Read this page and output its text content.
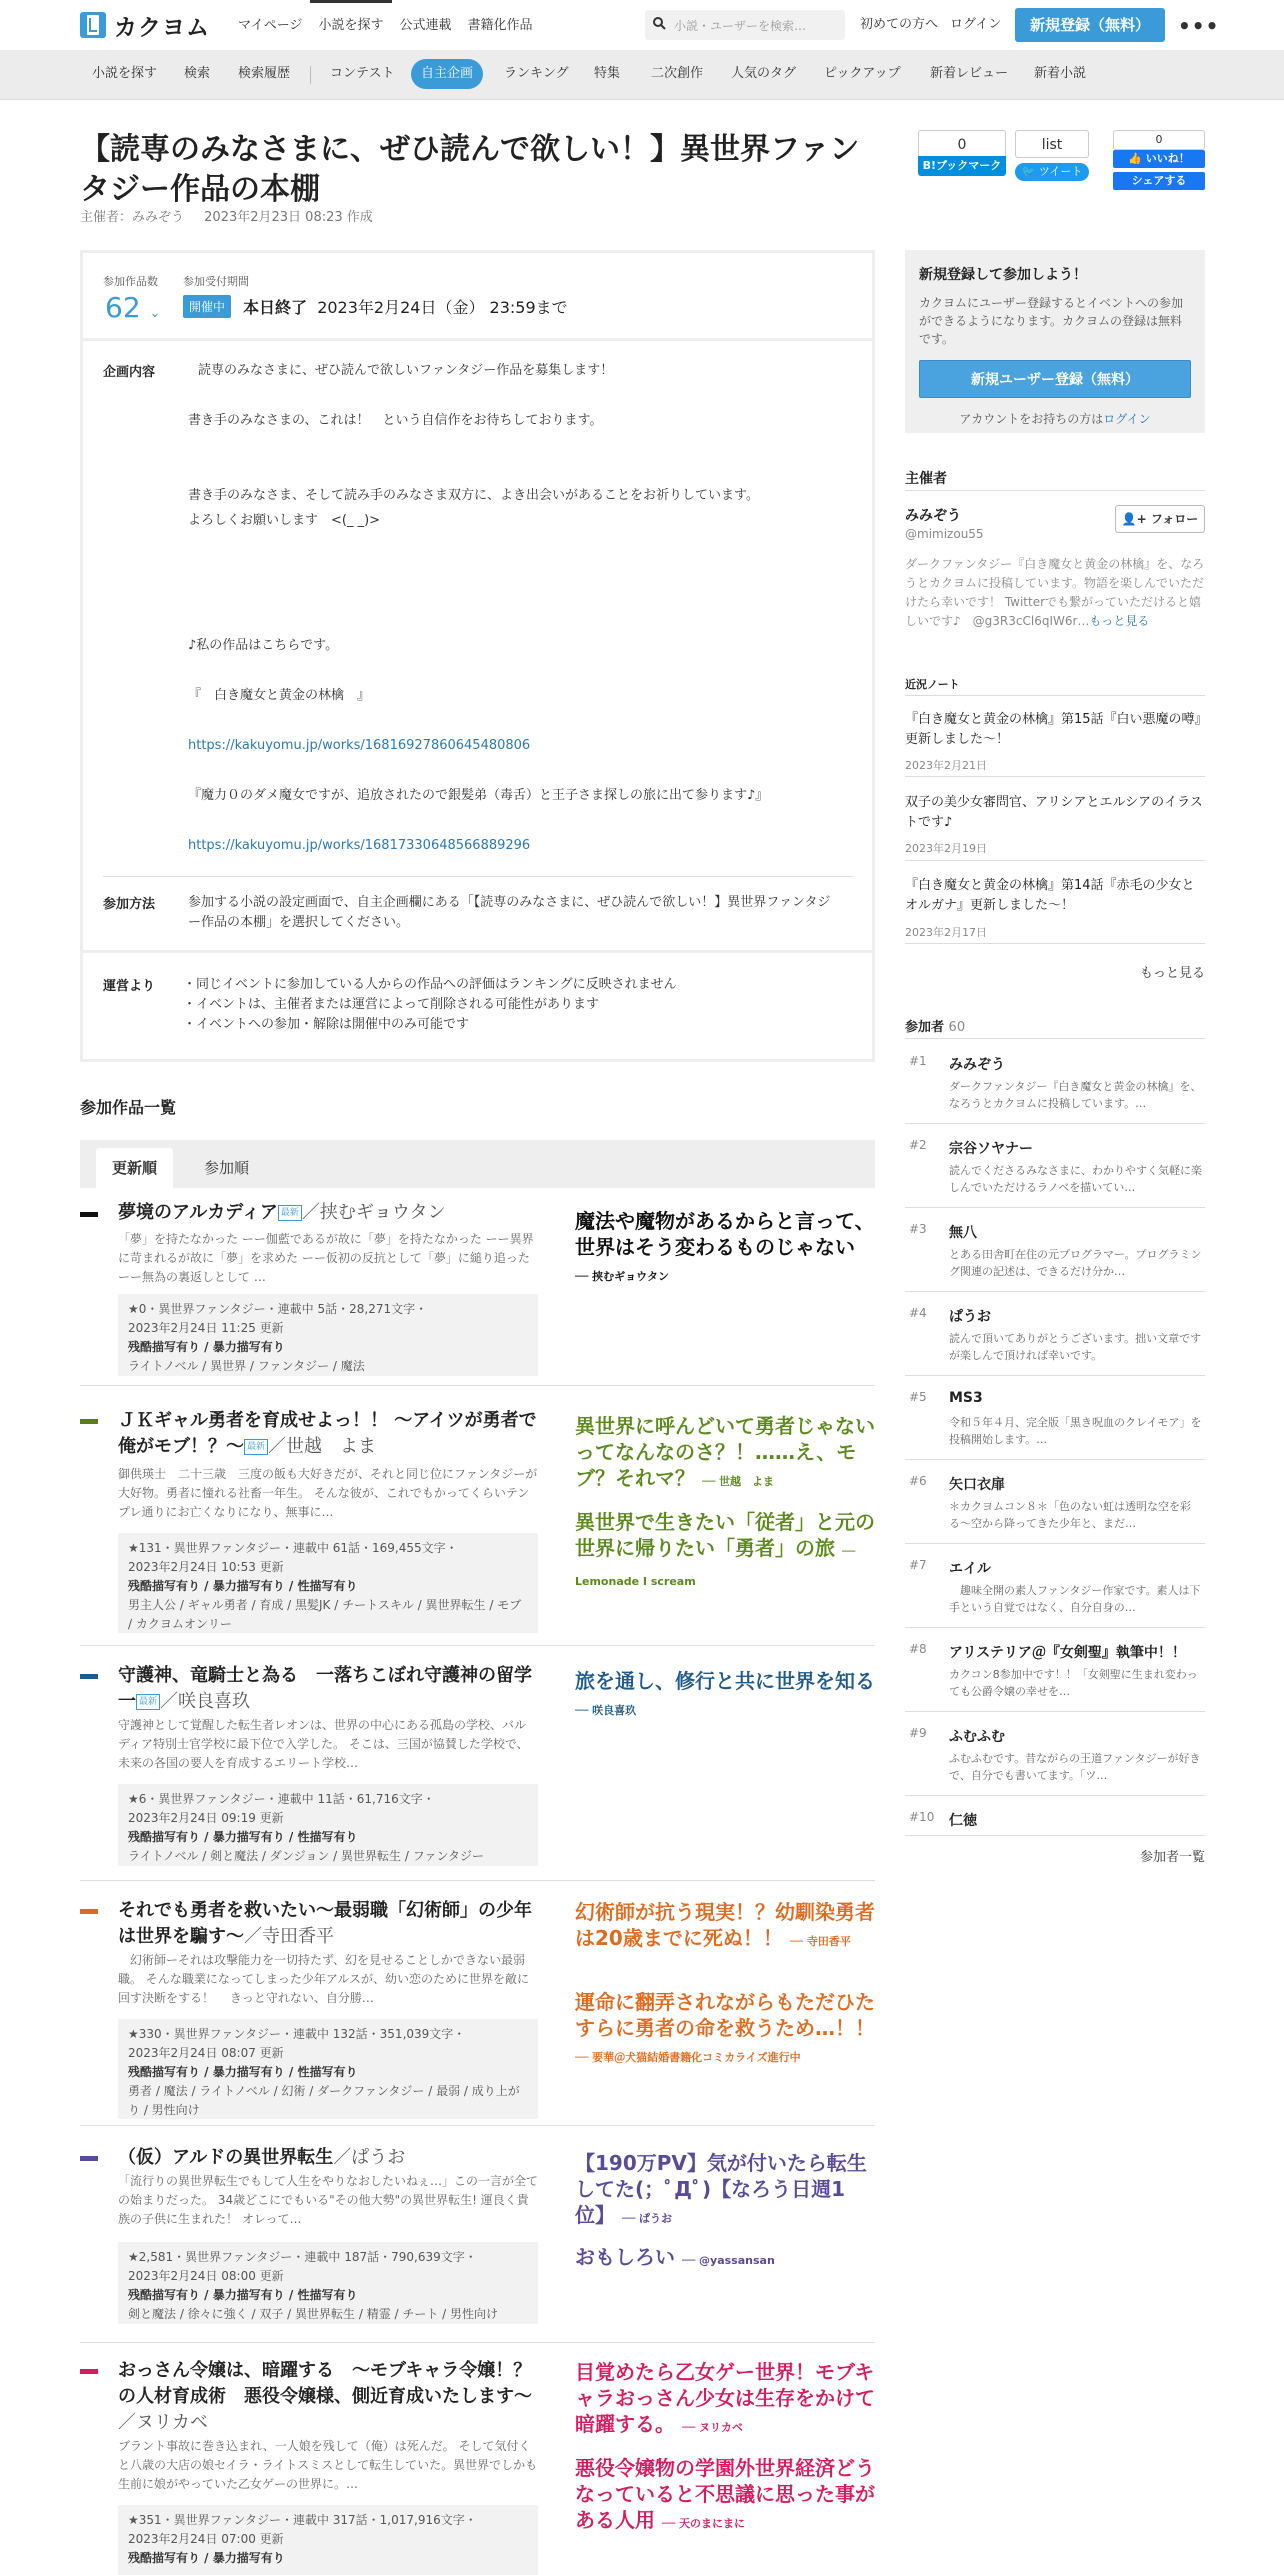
カクヨム	マイページ	小説を探す	公式連載	書籍化作品	小説・ユーザーを検索…	初めての方へ ログイン	新規登録（無料）	•••
小説を探す	検索	検索履歴	コンテスト	自主企画	ランキング	特集	二次創作	人気のタグ	ピックアップ	新着レビュー	新着小説
【読専のみなさまに、ぜひ読んで欲しい！】異世界ファンタジー作品の本棚
主催者：みみぞう 2023年2月23日 08:23 作成
0
B!ブックマーク
list
🐦 ツイート
0
👍 いいね！
シェアする
参加作品数
62 ⌄
参加受付期間
開催中	本日終了 2023年2月24日（金） 23:59まで
企画内容	読専のみなさまに、ぜひ読んで欲しいファンタジー作品を募集します！
書き手のみなさまの、これは！　という自信作をお待ちしております。
書き手のみなさま、そして読み手のみなさま双方に、よき出会いがあることをお祈りしています。
よろしくお願いします　<(_ _)>
♪私の作品はこちらです。
『　白き魔女と黄金の林檎　』
https://kakuyomu.jp/works/16816927860645480806
『魔力０のダメ魔女ですが、追放されたので銀髪弟（毒舌）と王子さま探しの旅に出て参ります♪』
https://kakuyomu.jp/works/16817330648566889296
参加方法	参加する小説の設定画面で、自主企画欄にある「【読専のみなさまに、ぜひ読んで欲しい！】異世界ファンタジー作品の本棚」を選択してください。
運営より ・同じイベントに参加している人からの作品への評価はランキングに反映されません
・イベントは、主催者または運営によって削除される可能性があります
・イベントへの参加・解除は開催中のみ可能です
新規登録して参加しよう！
カクヨムにユーザー登録するとイベントへの参加ができるようになります。カクヨムの登録は無料です。
新規ユーザー登録（無料）
アカウントをお持ちの方はログイン
主催者
みみぞう
@mimizou55
👤+ フォロー
ダークファンタジー『白き魔女と黄金の林檎』を、なろうとカクヨムに投稿しています。物語を楽しんでいただけたら幸いです！ Twitterでも繋がっていただけると嬉しいです♪　@g3R3cCl6qIW6r…もっと見る
近況ノート
『白き魔女と黄金の林檎』第15話『白い悪魔の噂』更新しました～！
2023年2月21日
双子の美少女審問官、アリシアとエルシアのイラストです♪
2023年2月19日
『白き魔女と黄金の林檎』第14話『赤毛の少女とオルガナ』更新しました～！
2023年2月17日
もっと見る
参加者 60
#1 みみぞう
ダークファンタジー『白き魔女と黄金の林檎』を、なろうとカクヨムに投稿しています。…
#2 宗谷ソヤナー
読んでくださるみなさまに、わかりやすく気軽に楽しんでいただけるラノベを描いてい…
#3 無八
とある田舎町在住の元プログラマー。プログラミング関連の記述は、できるだけ分か…
#4 ぱうお
読んで頂いてありがとうございます。拙い文章ですが楽しんで頂ければ幸いです。
#5 MS3
令和５年４月、完全版「黒き呪血のクレイモア」を投稿開始します。…
#6 矢口衣扉
＊カクヨムコン８＊「色のない虹は透明な空を彩る〜空から降ってきた少年と、まだ…
#7 エイル
　趣味全開の素人ファンタジー作家です。素人は下手という自覚ではなく、自分自身の…
#8 アリステリア＠『女剣聖』執筆中！！
カクコン8参加中です！！「女剣聖に生まれ変わっても公爵令嬢の幸せを…
#9 ふむふむ
ふむふむです。昔ながらの王道ファンタジーが好きで、自分でも書いてます。「ツ…
#10 仁徳
参加者一覧
参加作品一覧
更新順	参加順
夢境のアルカディア 最新 ／挟むギョウタン
「夢」を持たなかった ーー伽藍であるが故に「夢」を持たなかった ーー異界に苛まれるが故に「夢」を求めた ーー仮初の反抗として「夢」に縋り追った ーー無為の裏返しとして …
★0・異世界ファンタジー・連載中 5話・28,271文字・
2023年2月24日 11:25 更新
残酷描写有り / 暴力描写有り
ライトノベル / 異世界 / ファンタジー / 魔法
魔法や魔物があるからと言って、世界はそう変わるものじゃない ── 挟むギョウタン
ＪＫギャル勇者を育成せよっ！！ ～アイツが勇者で俺がモブ！？～ 最新 ／世越　よま
御供瑛士　二十三歳　三度の飯も大好きだが、それと同じ位にファンタジーが大好物。勇者に憧れる社畜一年生。 そんな彼が、これでもかってくらいテンプレ通りにお亡くなりになり、無事に…
★131・異世界ファンタジー・連載中 61話・169,455文字・
2023年2月24日 10:53 更新
残酷描写有り / 暴力描写有り / 性描写有り
男主人公 / ギャル勇者 / 育成 / 黒髪JK / チートスキル / 異世界転生 / モブ / カクヨムオンリー
異世界に呼んどいて勇者じゃないってなんなのさ？！……え、モブ？それマ？ ── 世越　よま
異世界で生きたい「従者」と元の世界に帰りたい「勇者」の旅 ── Lemonade I scream
守護神、竜騎士と為る　一落ちこぼれ守護神の留学一 最新 ／咲良喜玖
守護神として覚醒した転生者レオンは、世界の中心にある孤島の学校、バルディア特別士官学校に最下位で入学した。 そこは、三国が協賛した学校で、未来の各国の要人を育成するエリート学校…
★6・異世界ファンタジー・連載中 11話・61,716文字・
2023年2月24日 09:19 更新
残酷描写有り / 暴力描写有り / 性描写有り
ライトノベル / 剣と魔法 / ダンジョン / 異世界転生 / ファンタジー
旅を通し、修行と共に世界を知る ── 咲良喜玖
それでも勇者を救いたい～最弱職「幻術師」の少年は世界を騙す～／寺田香平
　幻術師ーそれは攻撃能力を一切持たず、幻を見せることしかできない最弱職。 そんな職業になってしまった少年アルスが、幼い恋のために世界を敵に回す決断をする！　 きっと守れない、自分勝…
★330・異世界ファンタジー・連載中 132話・351,039文字・
2023年2月24日 08:07 更新
残酷描写有り / 暴力描写有り / 性描写有り
勇者 / 魔法 / ライトノベル / 幻術 / ダークファンタジー / 最弱 / 成り上がり / 男性向け
幻術師が抗う現実！？幼馴染勇者は20歳までに死ぬ！！ ── 寺田香平
運命に翻弄されながらもただひたすらに勇者の命を救うため…！！ ── 要華＠犬猫結婚書籍化コミカライズ進行中
（仮）アルドの異世界転生／ぱうお
「流行りの異世界転生でもして人生をやりなおしたいねぇ…」この一言が全ての始まりだった。 34歳どこにでもいる"その他大勢"の異世界転生! 運良く貴族の子供に生まれた！ オレって…
★2,581・異世界ファンタジー・連載中 187話・790,639文字・
2023年2月24日 08:00 更新
残酷描写有り / 暴力描写有り / 性描写有り
剣と魔法 / 徐々に強く / 双子 / 異世界転生 / 精霊 / チート / 男性向け
【190万PV】気が付いたら転生してた(；ﾟДﾟ)【なろう日週1位】 ── ぱうお
おもしろい ── @yassansan
おっさん令嬢は、暗躍する　～モブキャラ令嬢！？の人材育成術　悪役令嬢様、側近育成いたします～／ヌリカベ
ブラント事故に巻き込まれ、一人娘を残して（俺）は死んだ。 そして気付くと八歳の大店の娘セイラ・ライトスミスとして転生していた。異世界でしかも生前に娘がやっていた乙女ゲーの世界に。…
★351・異世界ファンタジー・連載中 317話・1,017,916文字・
2023年2月24日 07:00 更新
残酷描写有り / 暴力描写有り
目覚めたら乙女ゲー世界！モブキャラおっさん少女は生存をかけて暗躍する。 ── ヌリカベ
悪役令嬢物の学園外世界経済どうなっていると不思議に思った事がある人用 ── 天のまにまに
